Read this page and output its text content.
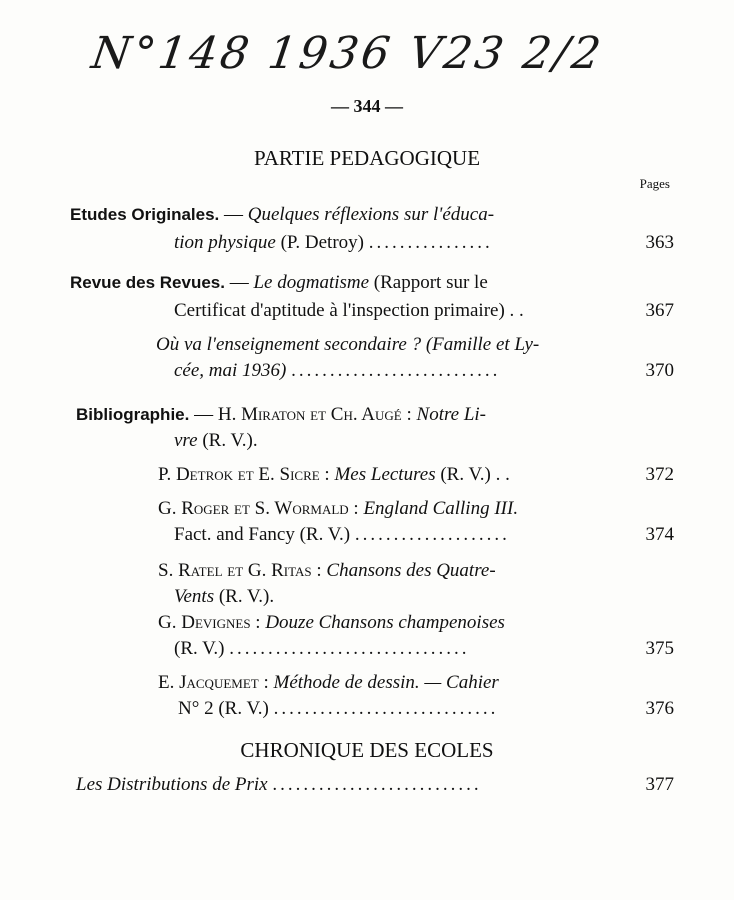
N°148 1936 V23 2/2
— 344 —
PARTIE PEDAGOGIQUE
Pages
Etudes Originales. — Quelques réflexions sur l'éduca-
tion physique (P. Detroy) ................	363
Revue des Revues. — Le dogmatisme (Rapport sur le
Certificat d'aptitude à l'inspection primaire) . .	367
Où va l'enseignement secondaire ? (Famille et Ly-
cée, mai 1936) ...........................	370
Bibliographie. — H. Miraton et Ch. Augé : Notre Li-
vre (R. V.).
P. Detrok et E. Sicre : Mes Lectures (R. V.) . .	372
G. Roger et S. Wormald : England Calling III.
Fact. and Fancy (R. V.) ....................	374
S. Ratel et G. Ritas : Chansons des Quatre-
Vents (R. V.).
G. Devignes : Douze Chansons champenoises
(R. V.) ...............................	375
E. Jacquemet : Méthode de dessin. — Cahier
N° 2 (R. V.) .............................	376
CHRONIQUE DES ECOLES
Les Distributions de Prix ...........................	377
